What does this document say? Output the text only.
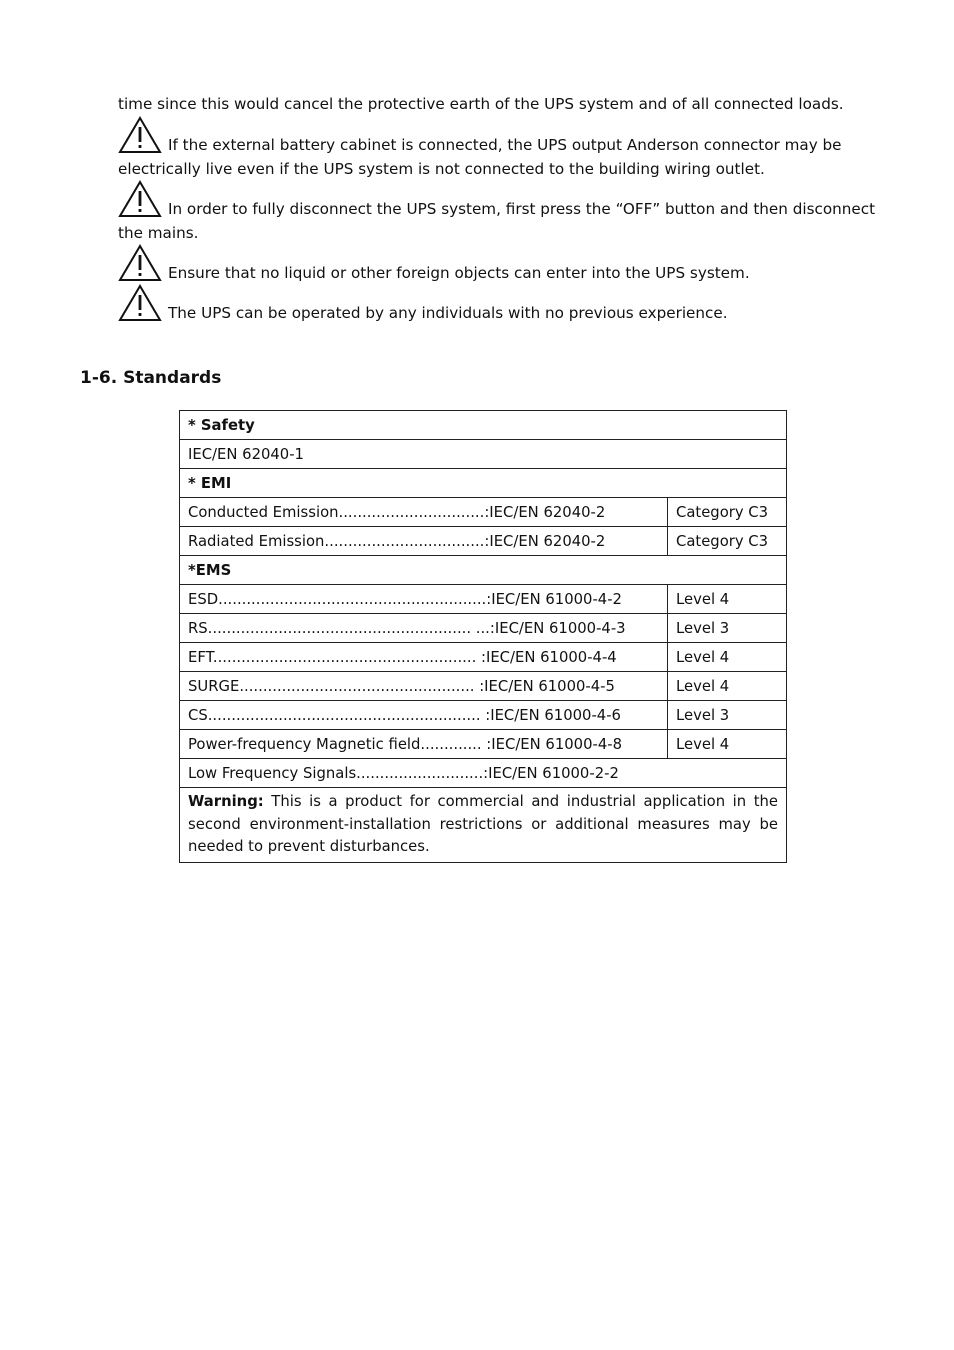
time since this would cancel the protective earth of the UPS system and of all connected loads.
If the external battery cabinet is connected, the UPS output Anderson connector may be electrically live even if the UPS system is not connected to the building wiring outlet.
In order to fully disconnect the UPS system, first press the “OFF” button and then disconnect the mains.
Ensure that no liquid or other foreign objects can enter into the UPS system.
The UPS can be operated by any individuals with no previous experience.
1-6. Standards
* Safety	
IEC/EN 62040-1	
* EMI	
Conducted Emission...............................:IEC/EN 62040-2	Category C3
Radiated Emission..................................:IEC/EN 62040-2	Category C3
*EMS	
ESD.........................................................:IEC/EN 61000-4-2	Level 4
RS........................................................ ...:IEC/EN 61000-4-3	Level 3
EFT........................................................ :IEC/EN 61000-4-4	Level 4
SURGE.................................................. :IEC/EN 61000-4-5	Level 4
CS.......................................................... :IEC/EN 61000-4-6	Level 3
Power-frequency Magnetic field............. :IEC/EN 61000-4-8	Level 4
Low Frequency Signals...........................:IEC/EN 61000-2-2	
Warning: This is a product for commercial and industrial application in the second environment-installation restrictions or additional measures may be needed to prevent disturbances.	
